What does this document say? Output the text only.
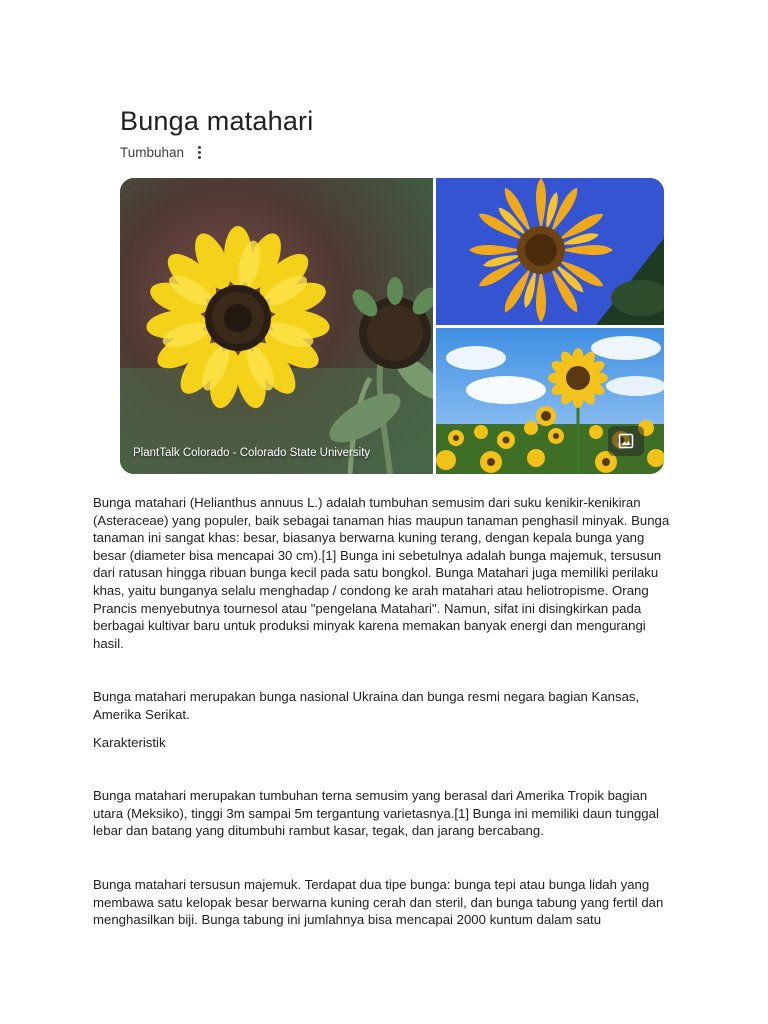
Bunga matahari
Tumbuhan
PlantTalk Colorado - Colorado State University

Bunga matahari (Helianthus annuus L.) adalah tumbuhan semusim dari suku kenikir-kenikiran (Asteraceae) yang populer, baik sebagai tanaman hias maupun tanaman penghasil minyak. Bunga tanaman ini sangat khas: besar, biasanya berwarna kuning terang, dengan kepala bunga yang besar (diameter bisa mencapai 30 cm).[1] Bunga ini sebetulnya adalah bunga majemuk, tersusun dari ratusan hingga ribuan bunga kecil pada satu bongkol. Bunga Matahari juga memiliki perilaku khas, yaitu bunganya selalu menghadap / condong ke arah matahari atau heliotropisme. Orang Prancis menyebutnya tournesol atau "pengelana Matahari". Namun, sifat ini disingkirkan pada berbagai kultivar baru untuk produksi minyak karena memakan banyak energi dan mengurangi hasil.

Bunga matahari merupakan bunga nasional Ukraina dan bunga resmi negara bagian Kansas, Amerika Serikat.

Karakteristik

Bunga matahari merupakan tumbuhan terna semusim yang berasal dari Amerika Tropik bagian utara (Meksiko), tinggi 3m sampai 5m tergantung varietasnya.[1] Bunga ini memiliki daun tunggal lebar dan batang yang ditumbuhi rambut kasar, tegak, dan jarang bercabang.

Bunga matahari tersusun majemuk. Terdapat dua tipe bunga: bunga tepi atau bunga lidah yang membawa satu kelopak besar berwarna kuning cerah dan steril, dan bunga tabung yang fertil dan menghasilkan biji. Bunga tabung ini jumlahnya bisa mencapai 2000 kuntum dalam satu
